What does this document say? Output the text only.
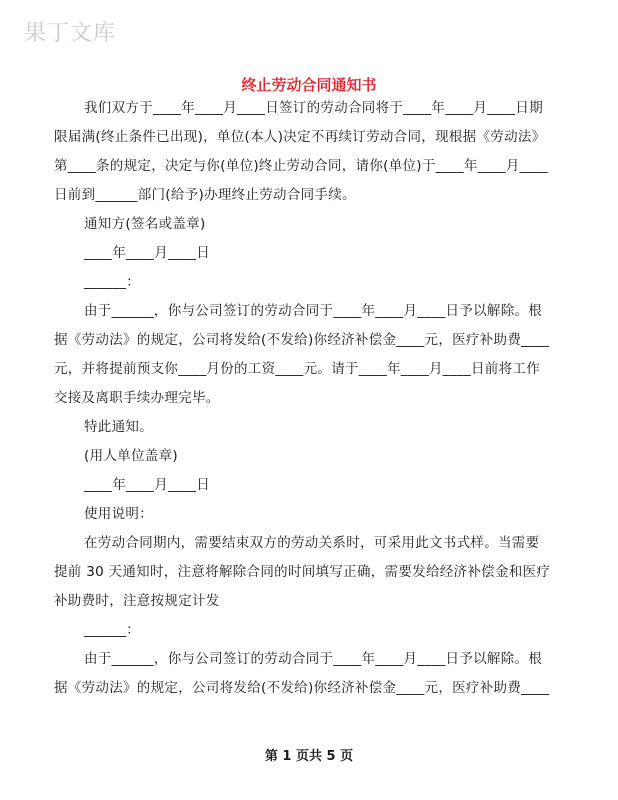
果丁文库
终止劳动合同通知书
我们双方于____年____月____日签订的劳动合同将于____年____月____日期
限届满(终止条件已出现)，单位(本人)决定不再续订劳动合同，现根据《劳动法》
第____条的规定，决定与你(单位)终止劳动合同，请你(单位)于____年____月____
日前到______部门(给予)办理终止劳动合同手续。
通知方(签名或盖章)
____年____月____日
______：
由于______，你与公司签订的劳动合同于____年____月____日予以解除。根
据《劳动法》的规定，公司将发给(不发给)你经济补偿金____元，医疗补助费____
元，并将提前预支你____月份的工资____元。请于____年____月____日前将工作
交接及离职手续办理完毕。
特此通知。
(用人单位盖章)
____年____月____日
使用说明：
在劳动合同期内，需要结束双方的劳动关系时，可采用此文书式样。当需要
提前 30 天通知时，注意将解除合同的时间填写正确，需要发给经济补偿金和医疗
补助费时，注意按规定计发
______：
由于______，你与公司签订的劳动合同于____年____月____日予以解除。根
据《劳动法》的规定，公司将发给(不发给)你经济补偿金____元，医疗补助费____
第 1 页共 5 页
